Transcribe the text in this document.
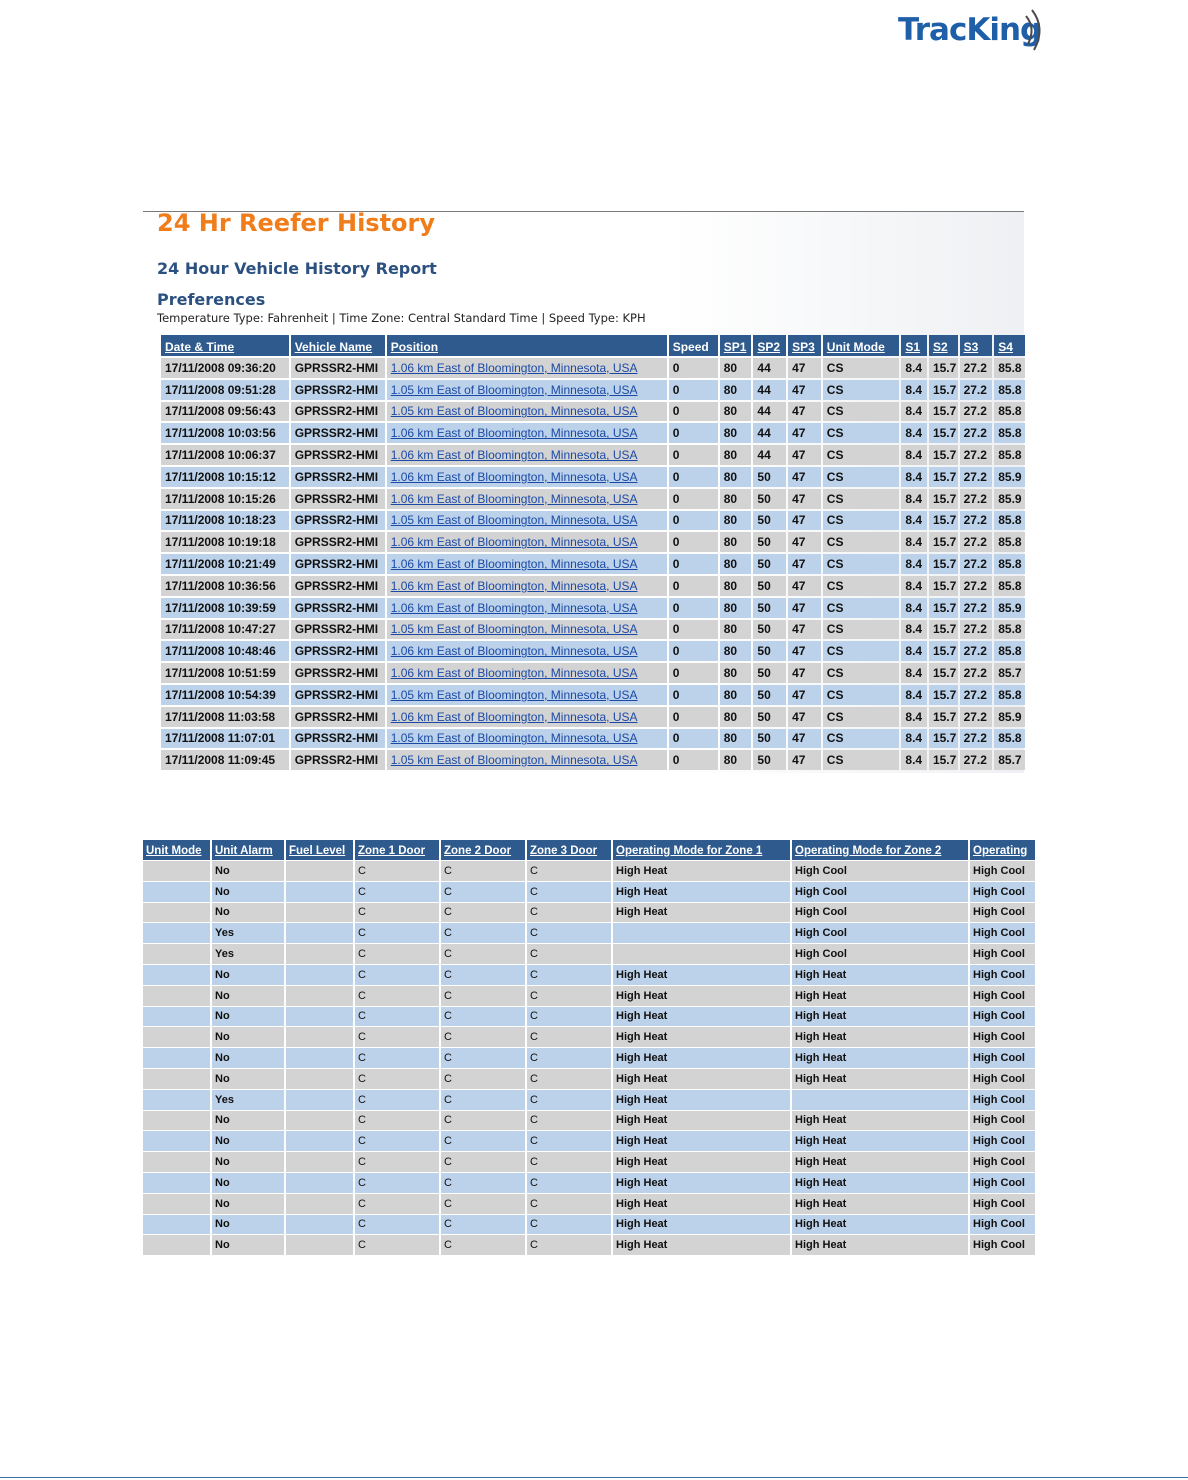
TracKing
24 Hr Reefer History
24 Hour Vehicle History Report
Preferences
Temperature Type: Fahrenheit | Time Zone: Central Standard Time | Speed Type: KPH
Date & Time	Vehicle Name	Position	Speed	SP1	SP2	SP3	Unit Mode	S1	S2	S3	S4
17/11/2008 09:36:20	GPRSSR2-HMI	1.06 km East of Bloomington, Minnesota, USA	0	80	44	47	CS	8.4	15.7	27.2	85.8
17/11/2008 09:51:28	GPRSSR2-HMI	1.05 km East of Bloomington, Minnesota, USA	0	80	44	47	CS	8.4	15.7	27.2	85.8
17/11/2008 09:56:43	GPRSSR2-HMI	1.05 km East of Bloomington, Minnesota, USA	0	80	44	47	CS	8.4	15.7	27.2	85.8
17/11/2008 10:03:56	GPRSSR2-HMI	1.06 km East of Bloomington, Minnesota, USA	0	80	44	47	CS	8.4	15.7	27.2	85.8
17/11/2008 10:06:37	GPRSSR2-HMI	1.06 km East of Bloomington, Minnesota, USA	0	80	44	47	CS	8.4	15.7	27.2	85.8
17/11/2008 10:15:12	GPRSSR2-HMI	1.06 km East of Bloomington, Minnesota, USA	0	80	50	47	CS	8.4	15.7	27.2	85.9
17/11/2008 10:15:26	GPRSSR2-HMI	1.06 km East of Bloomington, Minnesota, USA	0	80	50	47	CS	8.4	15.7	27.2	85.9
17/11/2008 10:18:23	GPRSSR2-HMI	1.05 km East of Bloomington, Minnesota, USA	0	80	50	47	CS	8.4	15.7	27.2	85.8
17/11/2008 10:19:18	GPRSSR2-HMI	1.06 km East of Bloomington, Minnesota, USA	0	80	50	47	CS	8.4	15.7	27.2	85.8
17/11/2008 10:21:49	GPRSSR2-HMI	1.06 km East of Bloomington, Minnesota, USA	0	80	50	47	CS	8.4	15.7	27.2	85.8
17/11/2008 10:36:56	GPRSSR2-HMI	1.06 km East of Bloomington, Minnesota, USA	0	80	50	47	CS	8.4	15.7	27.2	85.8
17/11/2008 10:39:59	GPRSSR2-HMI	1.06 km East of Bloomington, Minnesota, USA	0	80	50	47	CS	8.4	15.7	27.2	85.9
17/11/2008 10:47:27	GPRSSR2-HMI	1.05 km East of Bloomington, Minnesota, USA	0	80	50	47	CS	8.4	15.7	27.2	85.8
17/11/2008 10:48:46	GPRSSR2-HMI	1.06 km East of Bloomington, Minnesota, USA	0	80	50	47	CS	8.4	15.7	27.2	85.8
17/11/2008 10:51:59	GPRSSR2-HMI	1.06 km East of Bloomington, Minnesota, USA	0	80	50	47	CS	8.4	15.7	27.2	85.7
17/11/2008 10:54:39	GPRSSR2-HMI	1.05 km East of Bloomington, Minnesota, USA	0	80	50	47	CS	8.4	15.7	27.2	85.8
17/11/2008 11:03:58	GPRSSR2-HMI	1.06 km East of Bloomington, Minnesota, USA	0	80	50	47	CS	8.4	15.7	27.2	85.9
17/11/2008 11:07:01	GPRSSR2-HMI	1.05 km East of Bloomington, Minnesota, USA	0	80	50	47	CS	8.4	15.7	27.2	85.8
17/11/2008 11:09:45	GPRSSR2-HMI	1.05 km East of Bloomington, Minnesota, USA	0	80	50	47	CS	8.4	15.7	27.2	85.7
Unit Mode	Unit Alarm	Fuel Level	Zone 1 Door	Zone 2 Door	Zone 3 Door	Operating Mode for Zone 1	Operating Mode for Zone 2	Operating
	No		C	C	C	High Heat	High Cool	High Cool
	No		C	C	C	High Heat	High Cool	High Cool
	No		C	C	C	High Heat	High Cool	High Cool
	Yes		C	C	C		High Cool	High Cool
	Yes		C	C	C		High Cool	High Cool
	No		C	C	C	High Heat	High Heat	High Cool
	No		C	C	C	High Heat	High Heat	High Cool
	No		C	C	C	High Heat	High Heat	High Cool
	No		C	C	C	High Heat	High Heat	High Cool
	No		C	C	C	High Heat	High Heat	High Cool
	No		C	C	C	High Heat	High Heat	High Cool
	Yes		C	C	C	High Heat		High Cool
	No		C	C	C	High Heat	High Heat	High Cool
	No		C	C	C	High Heat	High Heat	High Cool
	No		C	C	C	High Heat	High Heat	High Cool
	No		C	C	C	High Heat	High Heat	High Cool
	No		C	C	C	High Heat	High Heat	High Cool
	No		C	C	C	High Heat	High Heat	High Cool
	No		C	C	C	High Heat	High Heat	High Cool
